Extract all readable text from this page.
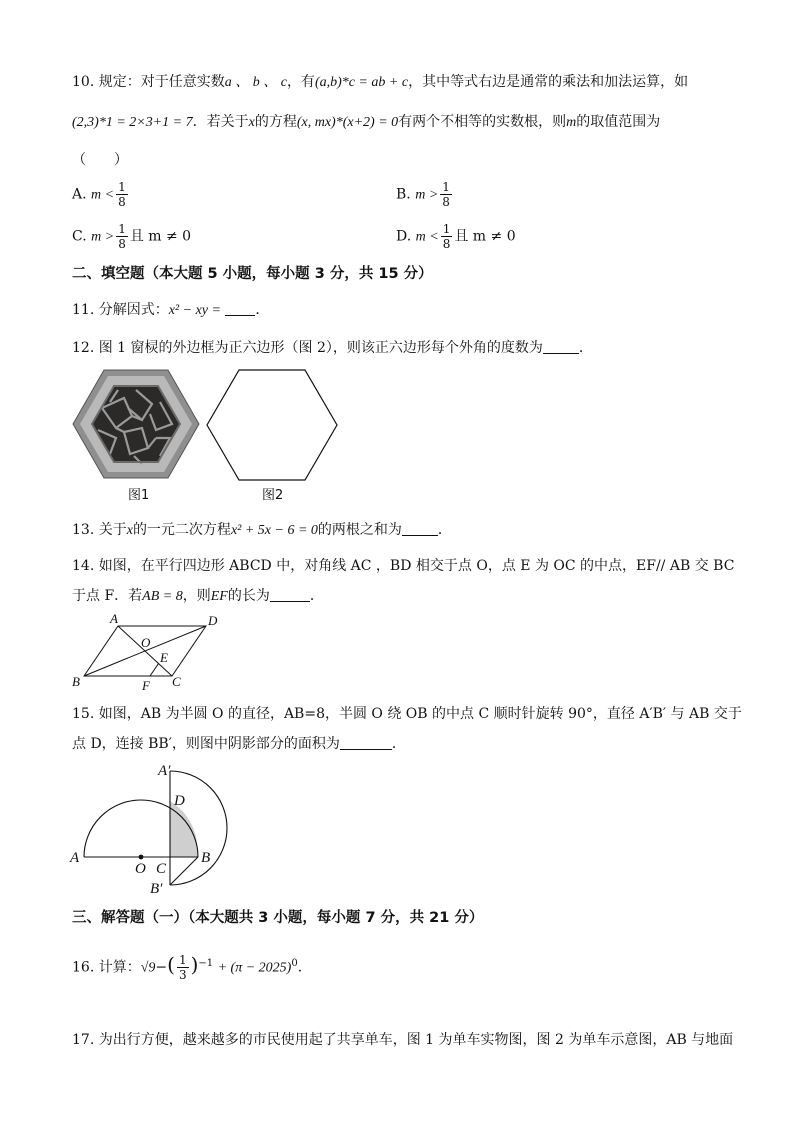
10. 规定：对于任意实数a 、 b 、 c，有(a,b)*c = ab + c，其中等式右边是通常的乘法和加法运算，如
(2,3)*1 = 2×3+1 = 7．若关于x的方程(x, mx)*(x+2) = 0有两个不相等的实数根，则m的取值范围为
（　　）
A. $m < \frac{1}{8}$	B. $m > \frac{1}{8}$
C. $m > \frac{1}{8}$ 且 m ≠ 0	D. $m < \frac{1}{8}$ 且 m ≠ 0
二、填空题（本大题 5 小题，每小题 3 分，共 15 分）
11. 分解因式：x² − xy = ．
12. 图 1 窗棂的外边框为正六边形（图 2），则该正六边形每个外角的度数为	．
图1	图2
13. 关于x的一元二次方程x² + 5x − 6 = 0的两根之和为	．
14. 如图，在平行四边形 ABCD 中，对角线 AC ，BD 相交于点 O，点 E 为 OC 的中点，EF// AB 交 BC
于点 F．若AB = 8，则EF的长为	．
A	D
O
E
B	F C
15. 如图，AB 为半圆 O 的直径，AB=8，半圆 O 绕 OB 的中点 C 顺时针旋转 90°，直径 A′B′ 与 AB 交于
点 D，连接 BB′，则图中阴影部分的面积为	．
A′
D
A
O C
B
B′
三、解答题（一）（本大题共 3 小题，每小题 7 分，共 21 分）
16. 计算：$√9-( \frac{1}{3} )^{-1} + (\pi - 2025)^0$．
17. 为出行方便，越来越多的市民使用起了共享单车，图 1 为单车实物图，图 2 为单车示意图，AB 与地面
